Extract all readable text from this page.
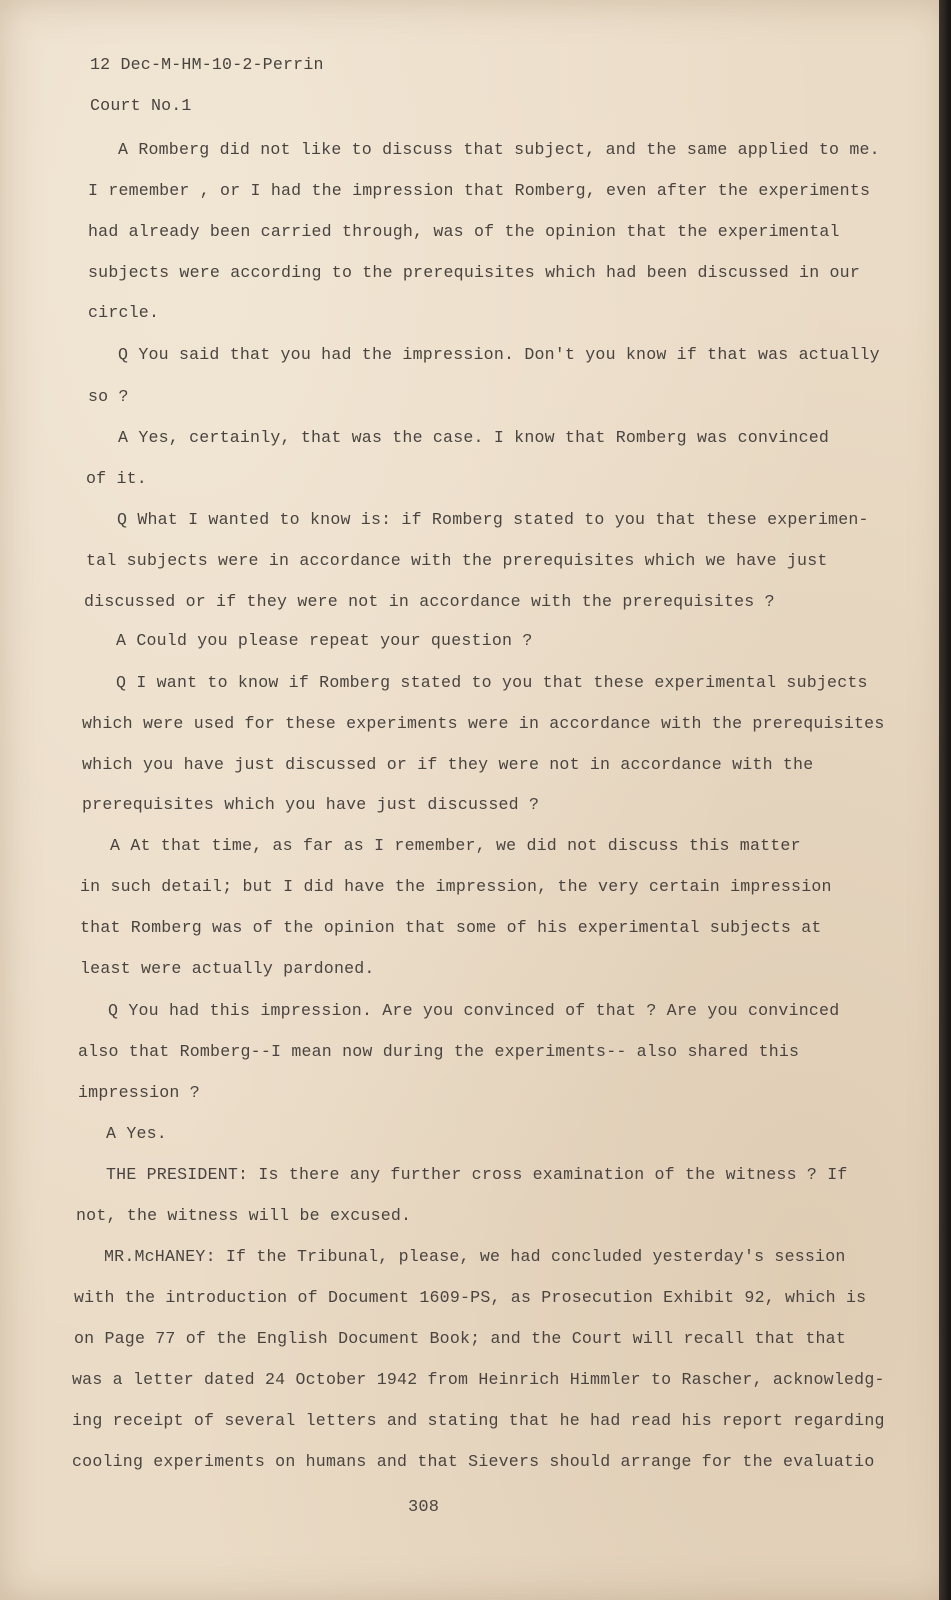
12 Dec-M-HM-10-2-Perrin
Court No.1
A Romberg did not like to discuss that subject, and the same applied to me.
I remember , or I had the impression that Romberg, even after the experiments
had already been carried through, was of the opinion that the experimental
subjects were according to the prerequisites which had been discussed in our
circle.
Q You said that you had the impression. Don't you know if that was actually
so ?
A Yes, certainly, that was the case. I know that Romberg was convinced
of it.
Q What I wanted to know is: if Romberg stated to you that these experimen-
tal subjects were in accordance with the prerequisites which we have just
discussed or if they were not in accordance with the prerequisites ?
A Could you please repeat your question ?
Q I want to know if Romberg stated to you that these experimental subjects
which were used for these experiments were in accordance with the prerequisites
which you have just discussed or if they were not in accordance with the
prerequisites which you have just discussed ?
A At that time, as far as I remember, we did not discuss this matter
in such detail; but I did have the impression, the very certain impression
that Romberg was of the opinion that some of his experimental subjects at
least were actually pardoned.
Q You had this impression. Are you convinced of that ? Are you convinced
also that Romberg--I mean now during the experiments-- also shared this
impression ?
A Yes.
THE PRESIDENT: Is there any further cross examination of the witness ? If
not, the witness will be excused.
MR.McHANEY: If the Tribunal, please, we had concluded yesterday's session
with the introduction of Document 1609-PS, as Prosecution Exhibit 92, which is
on Page 77 of the English Document Book; and the Court will recall that that
was a letter dated 24 October 1942 from Heinrich Himmler to Rascher, acknowledg-
ing receipt of several letters and stating that he had read his report regarding
cooling experiments on humans and that Sievers should arrange for the evaluatio
308
